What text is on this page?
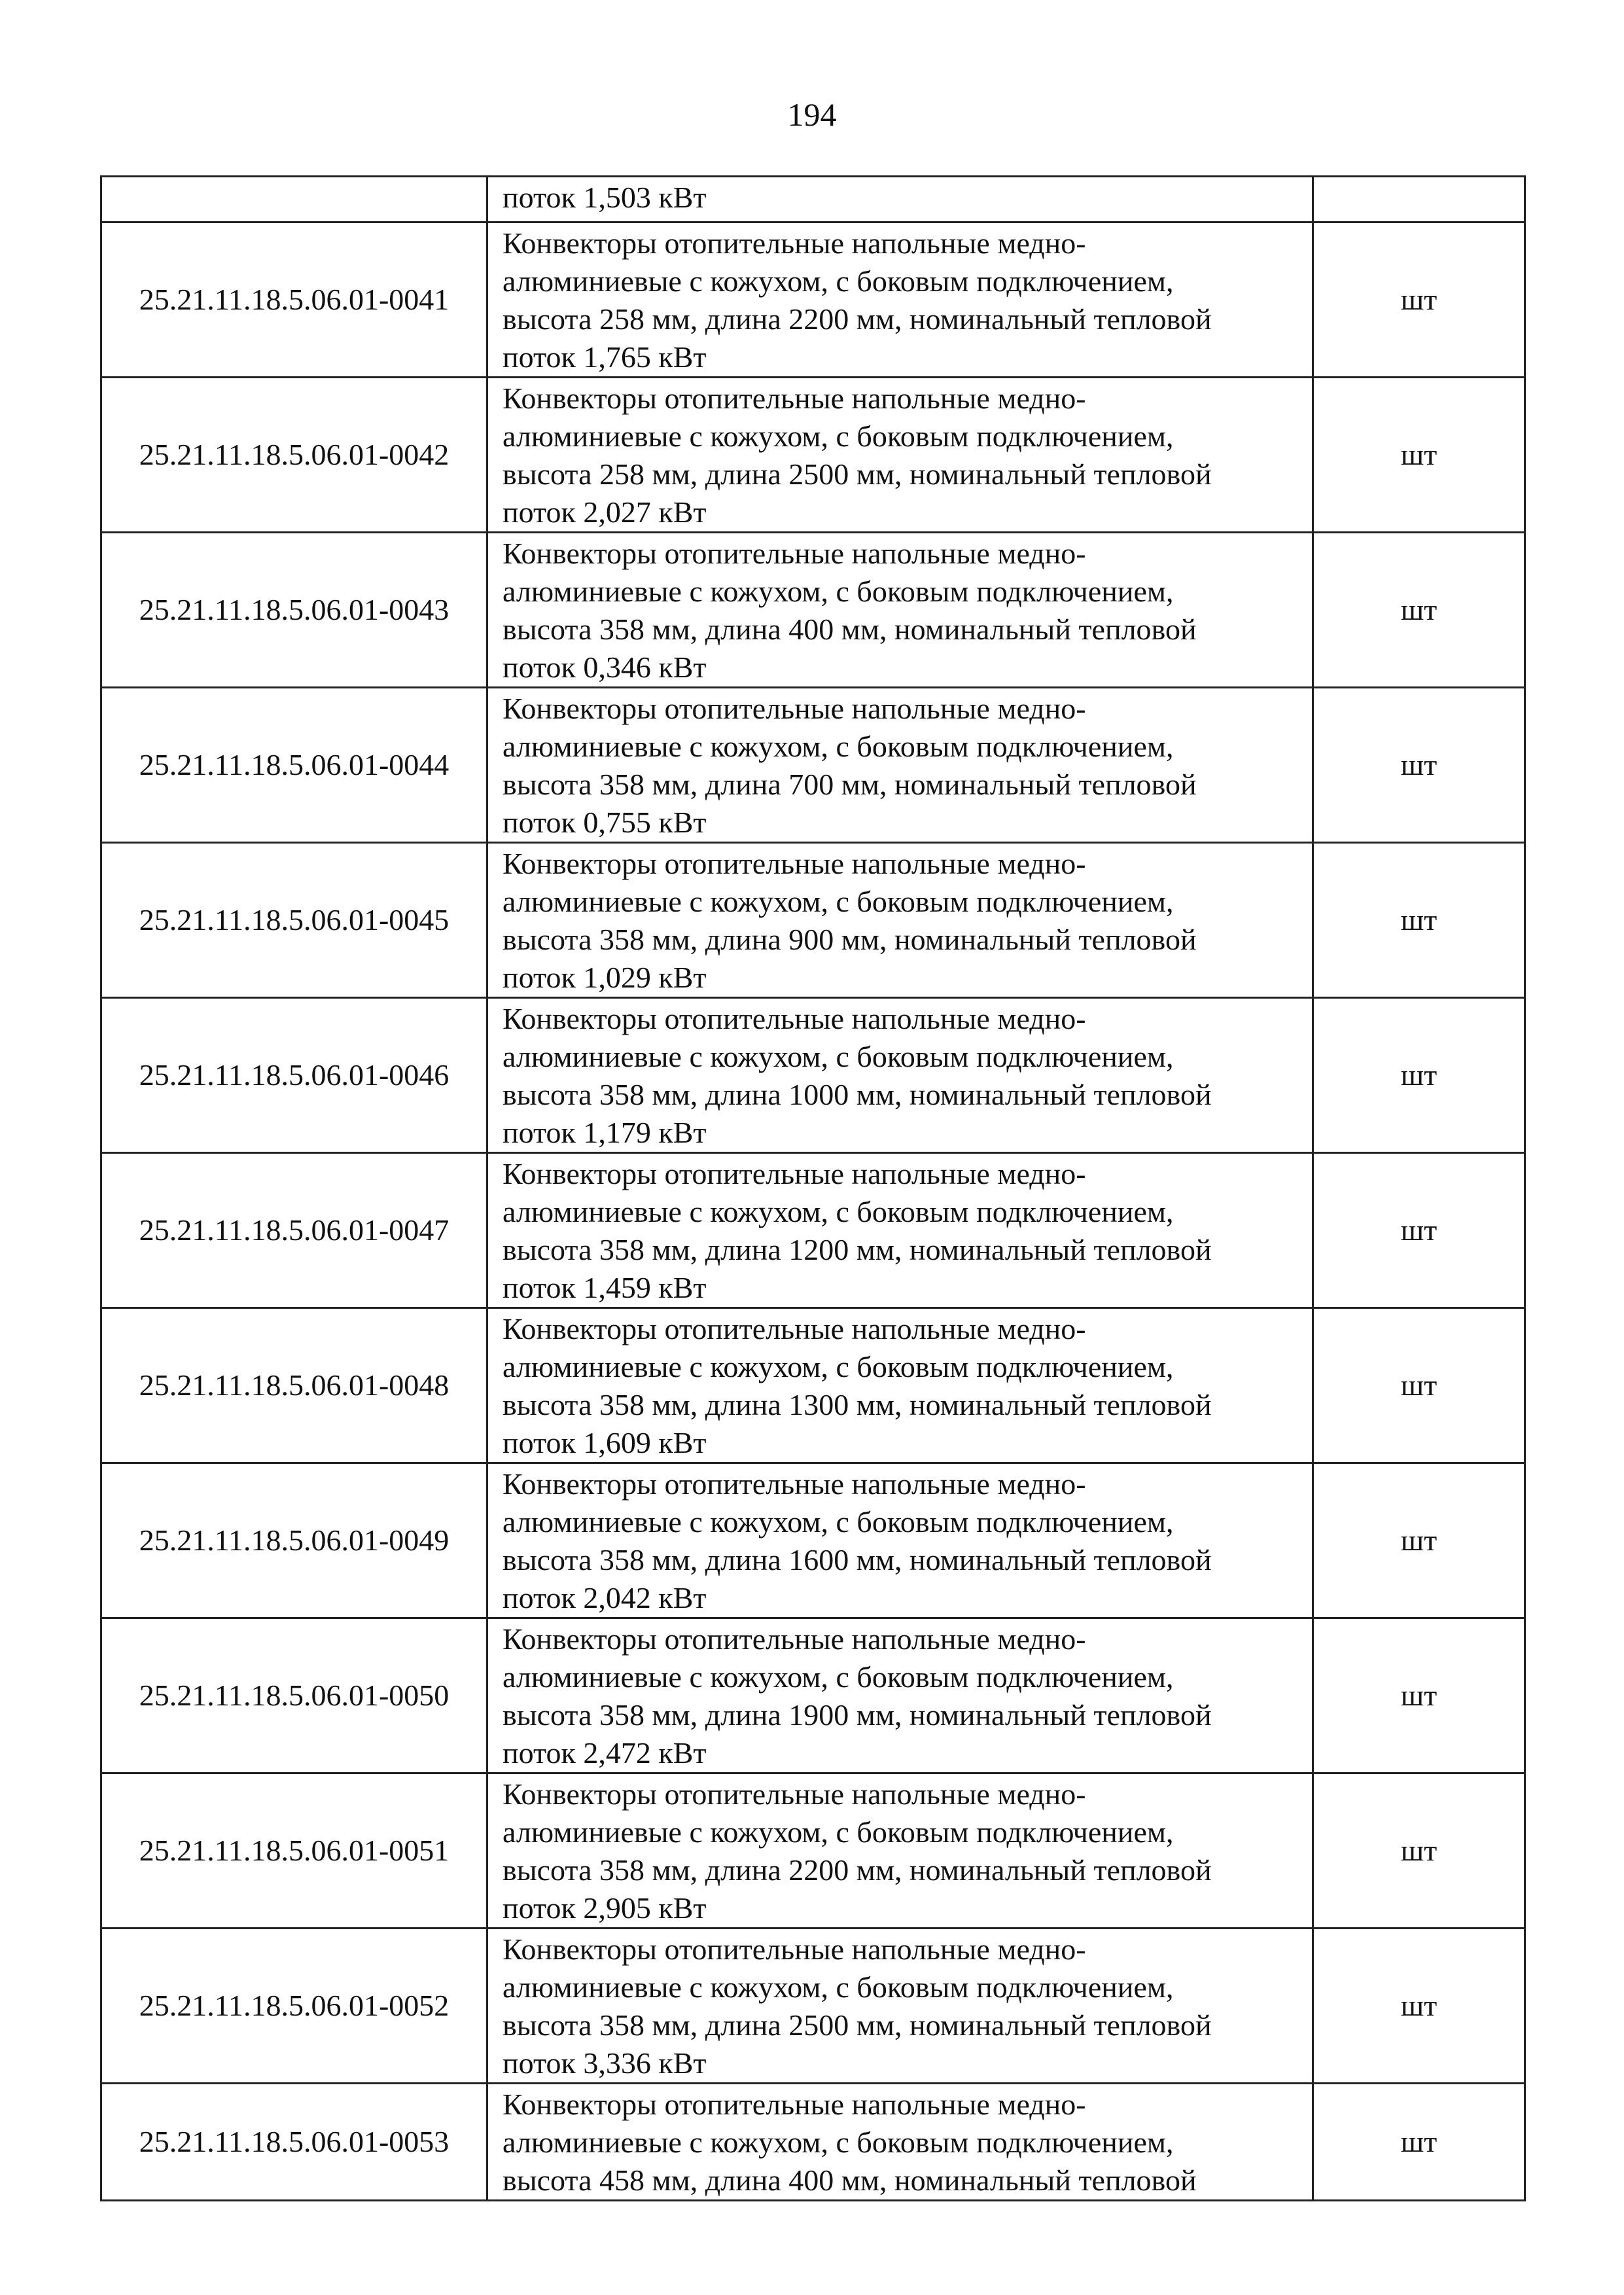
194

	поток 1,503 кВт	

25.21.11.18.5.06.01-0041	Конвекторы отопительные напольные медно-
алюминиевые с кожухом, с боковым подключением,
высота 258 мм, длина 2200 мм, номинальный тепловой
поток 1,765 кВт	шт
25.21.11.18.5.06.01-0042	Конвекторы отопительные напольные медно-
алюминиевые с кожухом, с боковым подключением,
высота 258 мм, длина 2500 мм, номинальный тепловой
поток 2,027 кВт	шт
25.21.11.18.5.06.01-0043	Конвекторы отопительные напольные медно-
алюминиевые с кожухом, с боковым подключением,
высота 358 мм, длина 400 мм, номинальный тепловой
поток 0,346 кВт	шт
25.21.11.18.5.06.01-0044	Конвекторы отопительные напольные медно-
алюминиевые с кожухом, с боковым подключением,
высота 358 мм, длина 700 мм, номинальный тепловой
поток 0,755 кВт	шт
25.21.11.18.5.06.01-0045	Конвекторы отопительные напольные медно-
алюминиевые с кожухом, с боковым подключением,
высота 358 мм, длина 900 мм, номинальный тепловой
поток 1,029 кВт	шт
25.21.11.18.5.06.01-0046	Конвекторы отопительные напольные медно-
алюминиевые с кожухом, с боковым подключением,
высота 358 мм, длина 1000 мм, номинальный тепловой
поток 1,179 кВт	шт
25.21.11.18.5.06.01-0047	Конвекторы отопительные напольные медно-
алюминиевые с кожухом, с боковым подключением,
высота 358 мм, длина 1200 мм, номинальный тепловой
поток 1,459 кВт	шт
25.21.11.18.5.06.01-0048	Конвекторы отопительные напольные медно-
алюминиевые с кожухом, с боковым подключением,
высота 358 мм, длина 1300 мм, номинальный тепловой
поток 1,609 кВт	шт
25.21.11.18.5.06.01-0049	Конвекторы отопительные напольные медно-
алюминиевые с кожухом, с боковым подключением,
высота 358 мм, длина 1600 мм, номинальный тепловой
поток 2,042 кВт	шт
25.21.11.18.5.06.01-0050	Конвекторы отопительные напольные медно-
алюминиевые с кожухом, с боковым подключением,
высота 358 мм, длина 1900 мм, номинальный тепловой
поток 2,472 кВт	шт
25.21.11.18.5.06.01-0051	Конвекторы отопительные напольные медно-
алюминиевые с кожухом, с боковым подключением,
высота 358 мм, длина 2200 мм, номинальный тепловой
поток 2,905 кВт	шт
25.21.11.18.5.06.01-0052	Конвекторы отопительные напольные медно-
алюминиевые с кожухом, с боковым подключением,
высота 358 мм, длина 2500 мм, номинальный тепловой
поток 3,336 кВт	шт
25.21.11.18.5.06.01-0053	Конвекторы отопительные напольные медно-
алюминиевые с кожухом, с боковым подключением,
высота 458 мм, длина 400 мм, номинальный тепловой	шт
